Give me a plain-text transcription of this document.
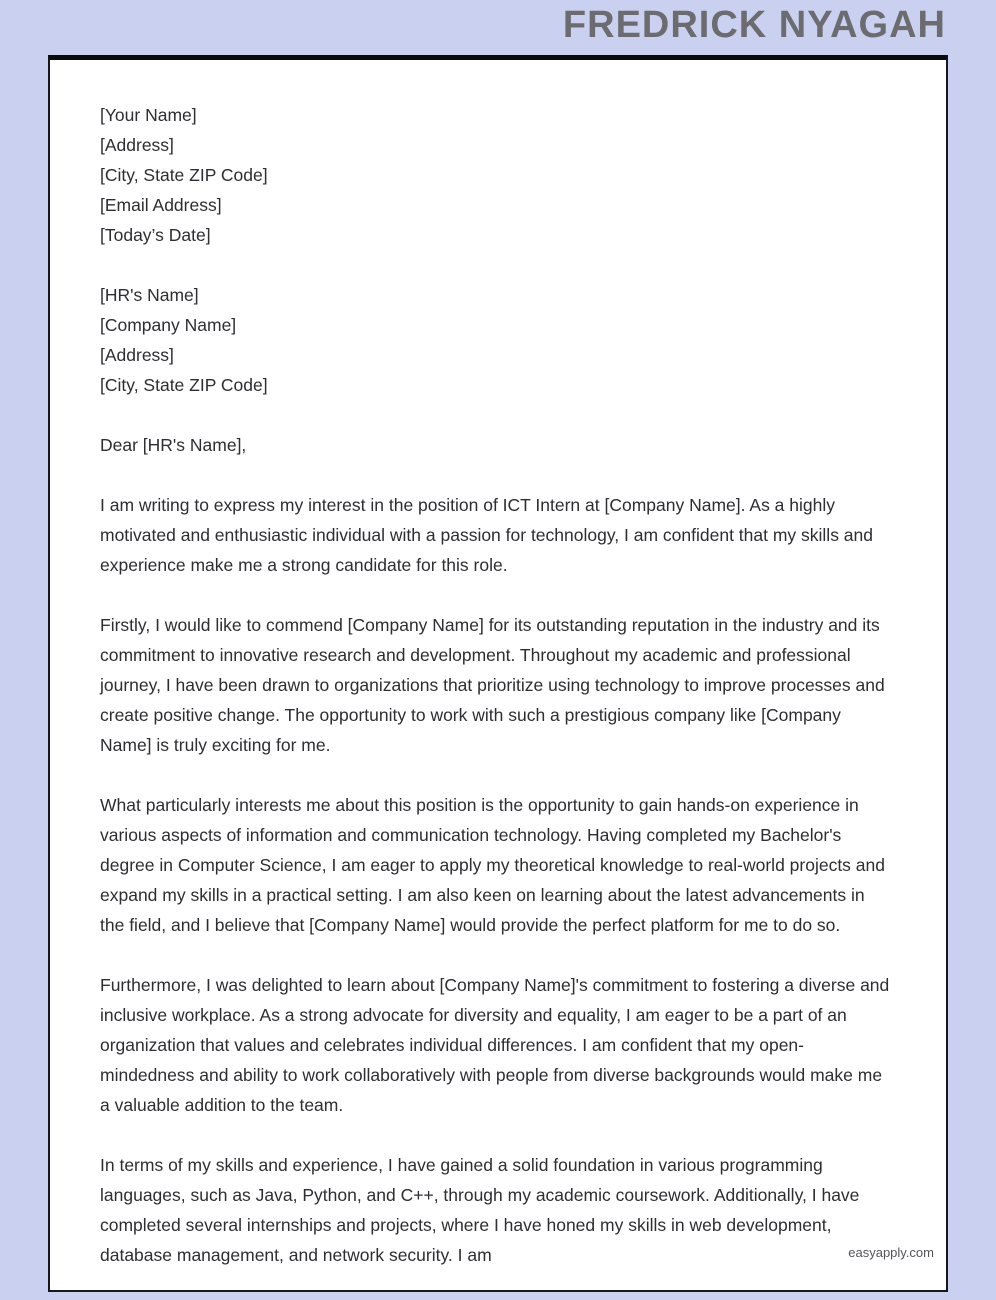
FREDRICK NYAGAH

[Your Name]

[Address]

[City, State ZIP Code]

[Email Address]

[Today’s Date]

[HR's Name]

[Company Name]

[Address]

[City, State ZIP Code]

Dear [HR's Name],

I am writing to express my interest in the position of ICT Intern at [Company Name]. As a highly motivated and enthusiastic individual with a passion for technology, I am confident that my skills and experience make me a strong candidate for this role.

Firstly, I would like to commend [Company Name] for its outstanding reputation in the industry and its commitment to innovative research and development. Throughout my academic and professional journey, I have been drawn to organizations that prioritize using technology to improve processes and create positive change. The opportunity to work with such a prestigious company like [Company Name] is truly exciting for me.

What particularly interests me about this position is the opportunity to gain hands-on experience in various aspects of information and communication technology. Having completed my Bachelor's degree in Computer Science, I am eager to apply my theoretical knowledge to real-world projects and expand my skills in a practical setting. I am also keen on learning about the latest advancements in the field, and I believe that [Company Name] would provide the perfect platform for me to do so.

Furthermore, I was delighted to learn about [Company Name]'s commitment to fostering a diverse and inclusive workplace. As a strong advocate for diversity and equality, I am eager to be a part of an organization that values and celebrates individual differences. I am confident that my open-mindedness and ability to work collaboratively with people from diverse backgrounds would make me a valuable addition to the team.

In terms of my skills and experience, I have gained a solid foundation in various programming languages, such as Java, Python, and C++, through my academic coursework. Additionally, I have completed several internships and projects, where I have honed my skills in web development, database management, and network security. I am	easyapply.com
